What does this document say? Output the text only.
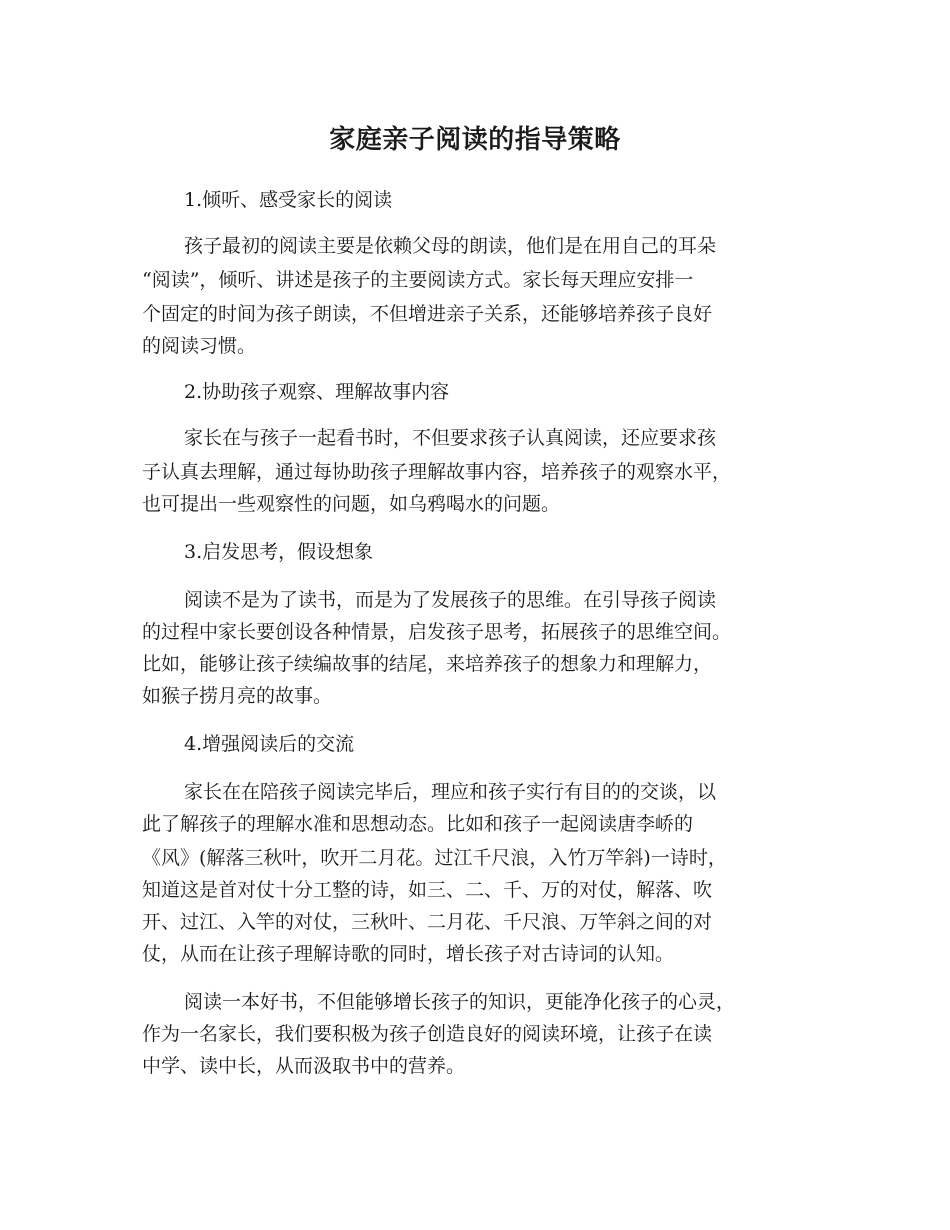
家庭亲子阅读的指导策略
1.倾听、感受家长的阅读
孩子最初的阅读主要是依赖父母的朗读，他们是在用自己的耳朵
“阅读”，倾听、讲述是孩子的主要阅读方式。家长每天理应安排一
个固定的时间为孩子朗读，不但增进亲子关系，还能够培养孩子良好
的阅读习惯。
2.协助孩子观察、理解故事内容
家长在与孩子一起看书时，不但要求孩子认真阅读，还应要求孩
子认真去理解，通过每协助孩子理解故事内容，培养孩子的观察水平，
也可提出一些观察性的问题，如乌鸦喝水的问题。
3.启发思考，假设想象
阅读不是为了读书，而是为了发展孩子的思维。在引导孩子阅读
的过程中家长要创设各种情景，启发孩子思考，拓展孩子的思维空间。
比如，能够让孩子续编故事的结尾，来培养孩子的想象力和理解力，
如猴子捞月亮的故事。
4.增强阅读后的交流
家长在在陪孩子阅读完毕后，理应和孩子实行有目的的交谈，以
此了解孩子的理解水准和思想动态。比如和孩子一起阅读唐李峤的
《风》(解落三秋叶，吹开二月花。过江千尺浪，入竹万竿斜)一诗时，
知道这是首对仗十分工整的诗，如三、二、千、万的对仗，解落、吹
开、过江、入竿的对仗，三秋叶、二月花、千尺浪、万竿斜之间的对
仗，从而在让孩子理解诗歌的同时，增长孩子对古诗词的认知。
阅读一本好书，不但能够增长孩子的知识，更能净化孩子的心灵，
作为一名家长，我们要积极为孩子创造良好的阅读环境，让孩子在读
中学、读中长，从而汲取书中的营养。
